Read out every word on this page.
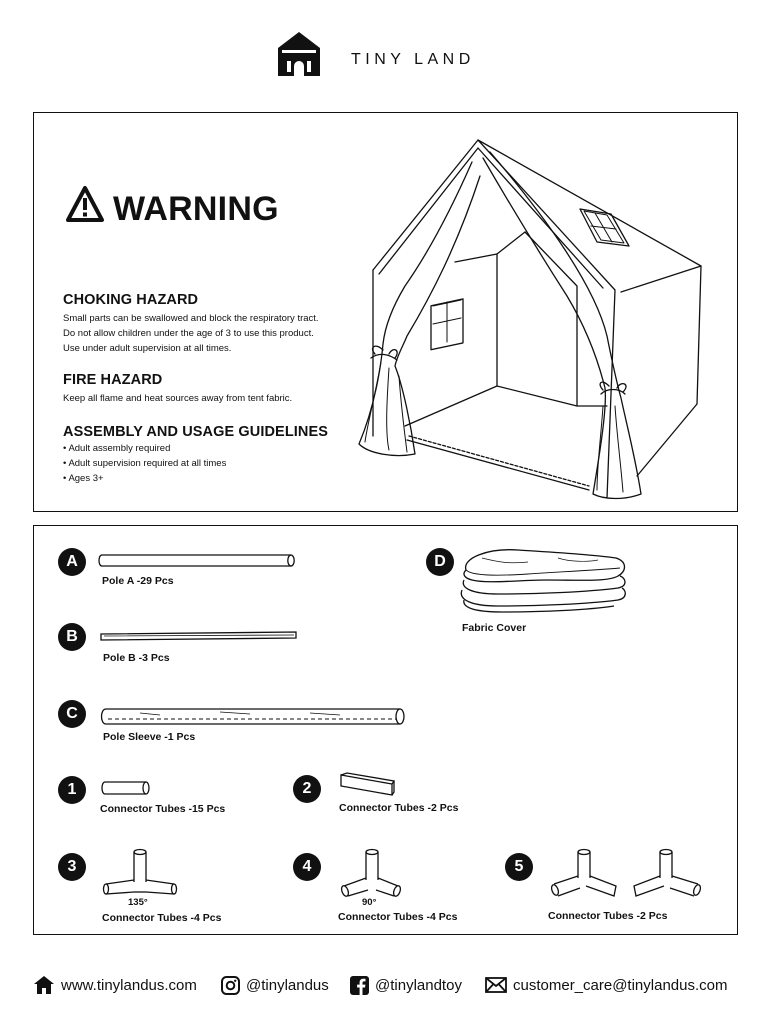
TINY LAND
WARNING
CHOKING HAZARD
Small parts can be swallowed and block the respiratory tract.
Do not allow children under the age of 3 to use this product.
Use under adult supervision at all times.
FIRE HAZARD
Keep all flame and heat sources away from tent fabric.
ASSEMBLY AND USAGE GUIDELINES
• Adult assembly required
• Adult supervision required at all times
• Ages 3+
A
Pole A -29 Pcs
B
Pole B -3 Pcs
C
Pole Sleeve -1 Pcs
D
Fabric Cover
1
Connector Tubes -15 Pcs
2
Connector Tubes -2 Pcs
3
135°
Connector Tubes -4 Pcs
4
90°
Connector Tubes -4 Pcs
5
Connector Tubes -2 Pcs
www.tinylandus.com	@tinylandus	@tinylandtoy	customer_care@tinylandus.com
